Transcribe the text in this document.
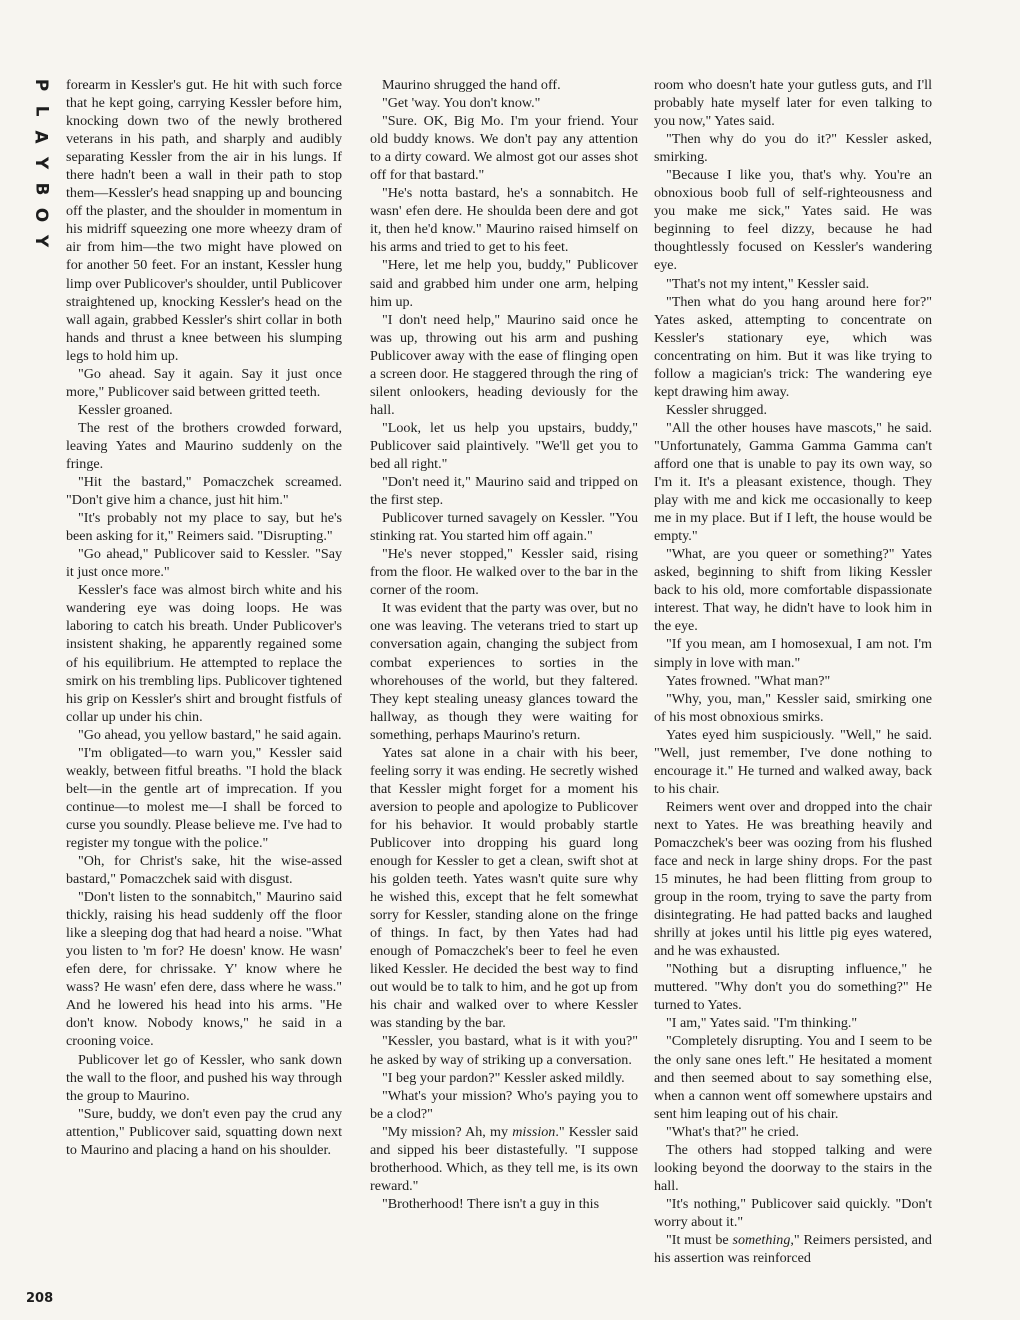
P
L
A
Y
B
O
Y
208

forearm in Kessler's gut. He hit with such force that he kept going, carrying Kessler before him, knocking down two of the newly brothered veterans in his path, and sharply and audibly separating Kessler from the air in his lungs. If there hadn't been a wall in their path to stop them—Kessler's head snapping up and bouncing off the plaster, and the shoulder in momentum in his midriff squeezing one more wheezy dram of air from him—the two might have plowed on for another 50 feet. For an instant, Kessler hung limp over Publicover's shoulder, until Publicover straightened up, knocking Kessler's head on the wall again, grabbed Kessler's shirt collar in both hands and thrust a knee between his slumping legs to hold him up.

"Go ahead. Say it again. Say it just once more," Publicover said between gritted teeth.

Kessler groaned.

The rest of the brothers crowded forward, leaving Yates and Maurino suddenly on the fringe.

"Hit the bastard," Pomaczchek screamed. "Don't give him a chance, just hit him."

"It's probably not my place to say, but he's been asking for it," Reimers said. "Disrupting."

"Go ahead," Publicover said to Kessler. "Say it just once more."

Kessler's face was almost birch white and his wandering eye was doing loops. He was laboring to catch his breath. Under Publicover's insistent shaking, he apparently regained some of his equilibrium. He attempted to replace the smirk on his trembling lips. Publicover tightened his grip on Kessler's shirt and brought fistfuls of collar up under his chin.

"Go ahead, you yellow bastard," he said again.

"I'm obligated—to warn you," Kessler said weakly, between fitful breaths. "I hold the black belt—in the gentle art of imprecation. If you continue—to molest me—I shall be forced to curse you soundly. Please believe me. I've had to register my tongue with the police."

"Oh, for Christ's sake, hit the wise-assed bastard," Pomaczchek said with disgust.

"Don't listen to the sonnabitch," Maurino said thickly, raising his head suddenly off the floor like a sleeping dog that had heard a noise. "What you listen to 'm for? He doesn' know. He wasn' efen dere, for chrissake. Y' know where he wass? He wasn' efen dere, dass where he wass." And he lowered his head into his arms. "He don't know. Nobody knows," he said in a crooning voice.

Publicover let go of Kessler, who sank down the wall to the floor, and pushed his way through the group to Maurino.

"Sure, buddy, we don't even pay the crud any attention," Publicover said, squatting down next to Maurino and placing a hand on his shoulder.

Maurino shrugged the hand off.

"Get 'way. You don't know."

"Sure. OK, Big Mo. I'm your friend. Your old buddy knows. We don't pay any attention to a dirty coward. We almost got our asses shot off for that bastard."

"He's notta bastard, he's a sonnabitch. He wasn' efen dere. He shoulda been dere and got it, then he'd know." Maurino raised himself on his arms and tried to get to his feet.

"Here, let me help you, buddy," Publicover said and grabbed him under one arm, helping him up.

"I don't need help," Maurino said once he was up, throwing out his arm and pushing Publicover away with the ease of flinging open a screen door. He staggered through the ring of silent onlookers, heading deviously for the hall.

"Look, let us help you upstairs, buddy," Publicover said plaintively. "We'll get you to bed all right."

"Don't need it," Maurino said and tripped on the first step.

Publicover turned savagely on Kessler. "You stinking rat. You started him off again."

"He's never stopped," Kessler said, rising from the floor. He walked over to the bar in the corner of the room.

It was evident that the party was over, but no one was leaving. The veterans tried to start up conversation again, changing the subject from combat experiences to sorties in the whorehouses of the world, but they faltered. They kept stealing uneasy glances toward the hallway, as though they were waiting for something, perhaps Maurino's return.

Yates sat alone in a chair with his beer, feeling sorry it was ending. He secretly wished that Kessler might forget for a moment his aversion to people and apologize to Publicover for his behavior. It would probably startle Publicover into dropping his guard long enough for Kessler to get a clean, swift shot at his golden teeth. Yates wasn't quite sure why he wished this, except that he felt somewhat sorry for Kessler, standing alone on the fringe of things. In fact, by then Yates had had enough of Pomaczchek's beer to feel he even liked Kessler. He decided the best way to find out would be to talk to him, and he got up from his chair and walked over to where Kessler was standing by the bar.

"Kessler, you bastard, what is it with you?" he asked by way of striking up a conversation.

"I beg your pardon?" Kessler asked mildly.

"What's your mission? Who's paying you to be a clod?"

"My mission? Ah, my mission." Kessler said and sipped his beer distastefully. "I suppose brotherhood. Which, as they tell me, is its own reward."

"Brotherhood! There isn't a guy in this

room who doesn't hate your gutless guts, and I'll probably hate myself later for even talking to you now," Yates said.

"Then why do you do it?" Kessler asked, smirking.

"Because I like you, that's why. You're an obnoxious boob full of self-righteousness and you make me sick," Yates said. He was beginning to feel dizzy, because he had thoughtlessly focused on Kessler's wandering eye.

"That's not my intent," Kessler said.

"Then what do you hang around here for?" Yates asked, attempting to concentrate on Kessler's stationary eye, which was concentrating on him. But it was like trying to follow a magician's trick: The wandering eye kept drawing him away.

Kessler shrugged.

"All the other houses have mascots," he said. "Unfortunately, Gamma Gamma Gamma can't afford one that is unable to pay its own way, so I'm it. It's a pleasant existence, though. They play with me and kick me occasionally to keep me in my place. But if I left, the house would be empty."

"What, are you queer or something?" Yates asked, beginning to shift from liking Kessler back to his old, more comfortable dispassionate interest. That way, he didn't have to look him in the eye.

"If you mean, am I homosexual, I am not. I'm simply in love with man."

Yates frowned. "What man?"

"Why, you, man," Kessler said, smirking one of his most obnoxious smirks.

Yates eyed him suspiciously. "Well," he said. "Well, just remember, I've done nothing to encourage it." He turned and walked away, back to his chair.

Reimers went over and dropped into the chair next to Yates. He was breathing heavily and Pomaczchek's beer was oozing from his flushed face and neck in large shiny drops. For the past 15 minutes, he had been flitting from group to group in the room, trying to save the party from disintegrating. He had patted backs and laughed shrilly at jokes until his little pig eyes watered, and he was exhausted.

"Nothing but a disrupting influence," he muttered. "Why don't you do something?" He turned to Yates.

"I am," Yates said. "I'm thinking."

"Completely disrupting. You and I seem to be the only sane ones left." He hesitated a moment and then seemed about to say something else, when a cannon went off somewhere upstairs and sent him leaping out of his chair.

"What's that?" he cried.

The others had stopped talking and were looking beyond the doorway to the stairs in the hall.

"It's nothing," Publicover said quickly. "Don't worry about it."

"It must be something," Reimers persisted, and his assertion was reinforced
